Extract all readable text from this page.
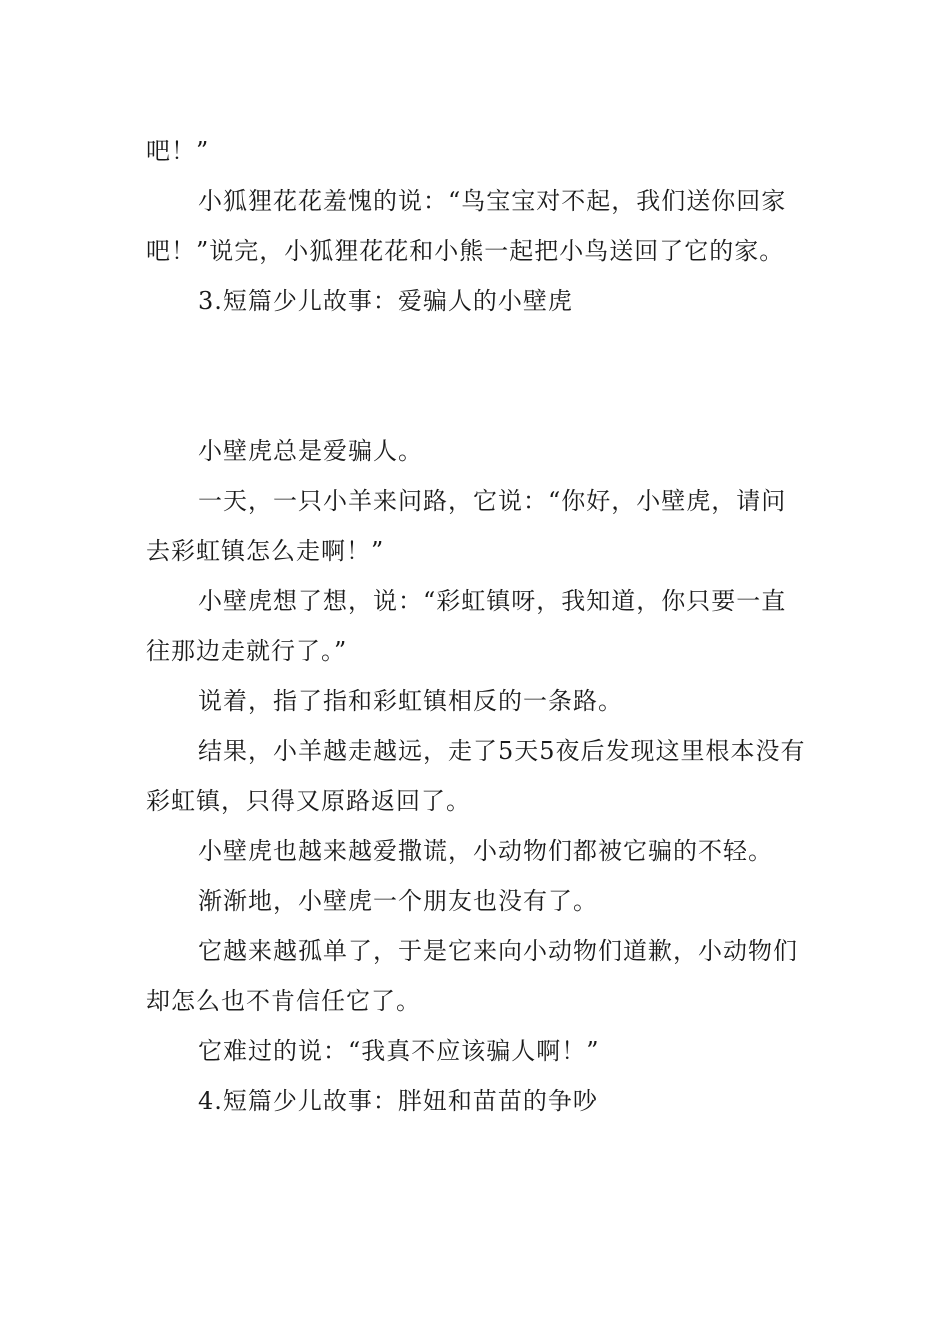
吧！”

小狐狸花花羞愧的说：“鸟宝宝对不起，我们送你回家吧！”说完，小狐狸花花和小熊一起把小鸟送回了它的家。

3.短篇少儿故事：爱骗人的小壁虎

小壁虎总是爱骗人。

一天，一只小羊来问路，它说：“你好，小壁虎，请问去彩虹镇怎么走啊！”

小壁虎想了想，说：“彩虹镇呀，我知道，你只要一直往那边走就行了。”

说着，指了指和彩虹镇相反的一条路。

结果，小羊越走越远，走了5天5夜后发现这里根本没有彩虹镇，只得又原路返回了。

小壁虎也越来越爱撒谎，小动物们都被它骗的不轻。

渐渐地，小壁虎一个朋友也没有了。

它越来越孤单了，于是它来向小动物们道歉，小动物们却怎么也不肯信任它了。

它难过的说：“我真不应该骗人啊！”

4.短篇少儿故事：胖妞和苗苗的争吵
